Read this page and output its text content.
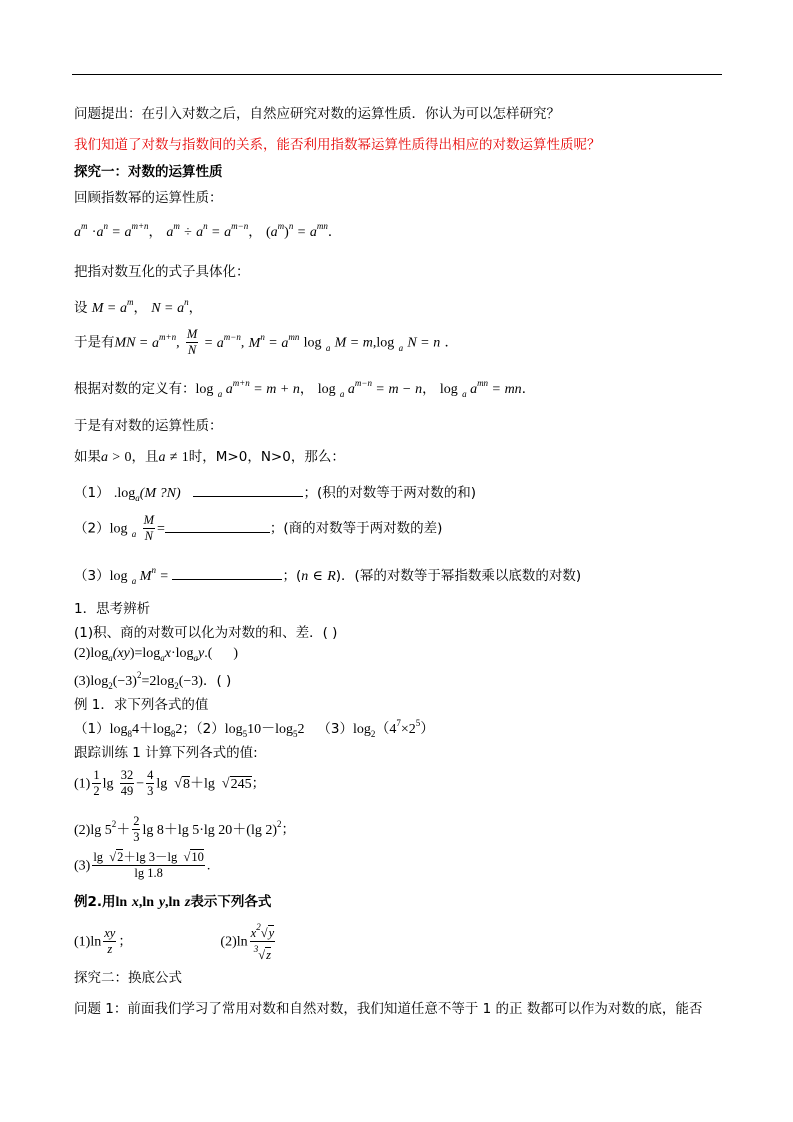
问题提出：在引入对数之后，自然应研究对数的运算性质．你认为可以怎样研究？
我们知道了对数与指数间的关系，能否利用指数幂运算性质得出相应的对数运算性质呢？
探究一：对数的运算性质
回顾指数幂的运算性质：
$a^m \cdot a^n = a^{m+n}$， $a^m \div a^n = a^{m-n}$， $(a^m)^n = a^{mn}$．
把指对数互化的式子具体化：
设 $M = a^m$， $N = a^n$，
于是有MN = $a^{m+n}$, $\frac{M}{N} = a^{m-n}$, $M^n = a^{mn}$ log $_a$ M = m,log $_a$ N = n ．
根据对数的定义有：log $_a$ $a^{m+n} = m + n$， log $_a$ $a^{m-n} = m - n$， log $_a$ $a^{mn}$ = mn．
于是有对数的运算性质：
如果a > 0，且a ≠ 1时，M>0，N>0，那么：
（1） $.\log_a(M$ ?N)	；(积的对数等于两对数的和)
（2）log $_a \frac{M}{N}$ =	；(商的对数等于两对数的差)
（3）log $_a$ $M^n$ =	；(n ∈ R)．(幂的对数等于幂指数乘以底数的对数)
1．思考辨析
(1)积、商的对数可以化为对数的和、差．( )
$(2)\log_a(xy)=\log_ax\cdot\log_ay$.(      )
$(3)\log_2(-3)^2=2\log_2(-3)$．( )
例 1．求下列各式的值
$(1)\log_84+\log_82$；$(2)\log_510-\log_52$   $(3)\log_2(4^7\times 2^5)$
跟踪训练 1 计算下列各式的值:
$(1) \frac{1}{2}$ $\lg \frac{32}{49} - \frac{4}{3}$ lg  √8＋lg  √245；
(2)lg $5^2+ \frac{2}{3}$ lg 8＋lg 5·lg 20＋(lg 2)$^2$；
$(3) \frac{\lg √2+\lg 3-\lg √10}{\lg 1.8}$ .
例2.用ln x,ln y,ln z表示下列各式
$(1)\ln \frac{xy}{z}$ ；	$(2)\ln \frac{x^2√y}{^3√z}$
探究二：换底公式
问题 1：前面我们学习了常用对数和自然对数，我们知道任意不等于 1 的正 数都可以作为对数的底，能否
